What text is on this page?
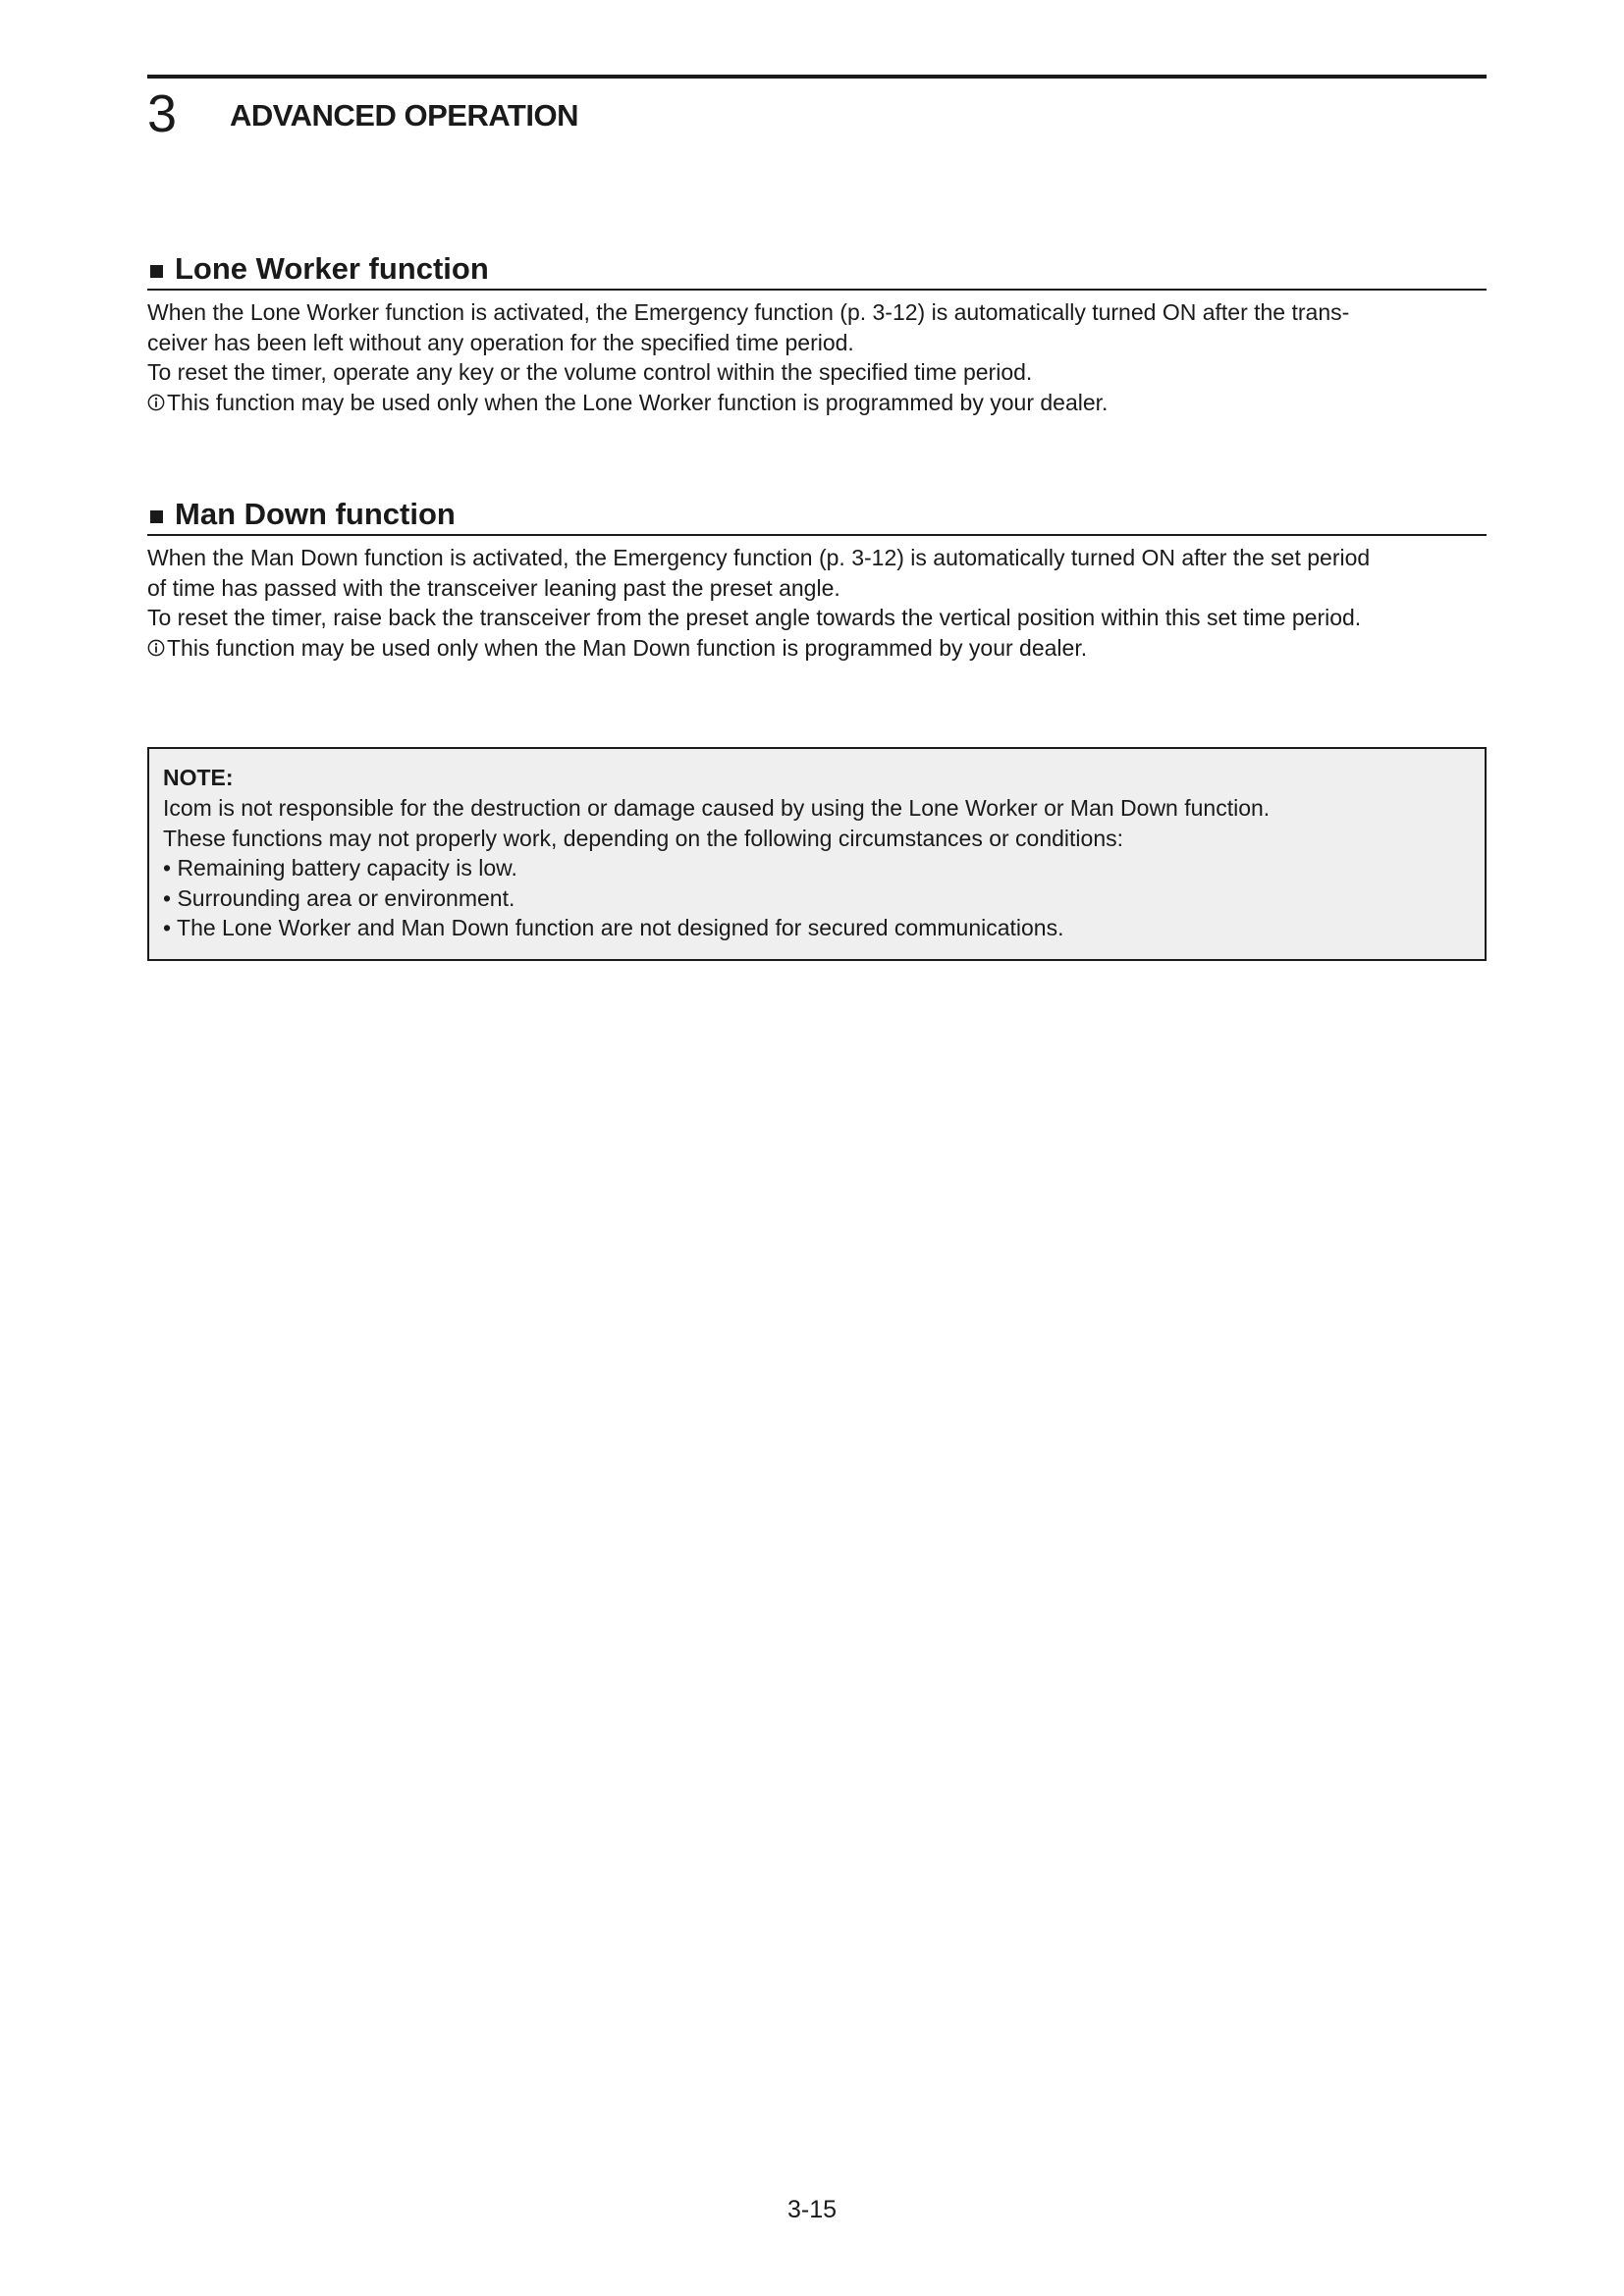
3 ADVANCED OPERATION
Lone Worker function

When the Lone Worker function is activated, the Emergency function (p. 3-12) is automatically turned ON after the trans-

ceiver has been left without any operation for the specified time period.

To reset the timer, operate any key or the volume control within the specified time period.

This function may be used only when the Lone Worker function is programmed by your dealer.
Man Down function

When the Man Down function is activated, the Emergency function (p. 3-12) is automatically turned ON after the set period

of time has passed with the transceiver leaning past the preset angle.

To reset the timer, raise back the transceiver from the preset angle towards the vertical position within this set time period.

This function may be used only when the Man Down function is programmed by your dealer.
NOTE:
Icom is not responsible for the destruction or damage caused by using the Lone Worker or Man Down function.
These functions may not properly work, depending on the following circumstances or conditions:
• Remaining battery capacity is low.
• Surrounding area or environment.
• The Lone Worker and Man Down function are not designed for secured communications.
3-15
